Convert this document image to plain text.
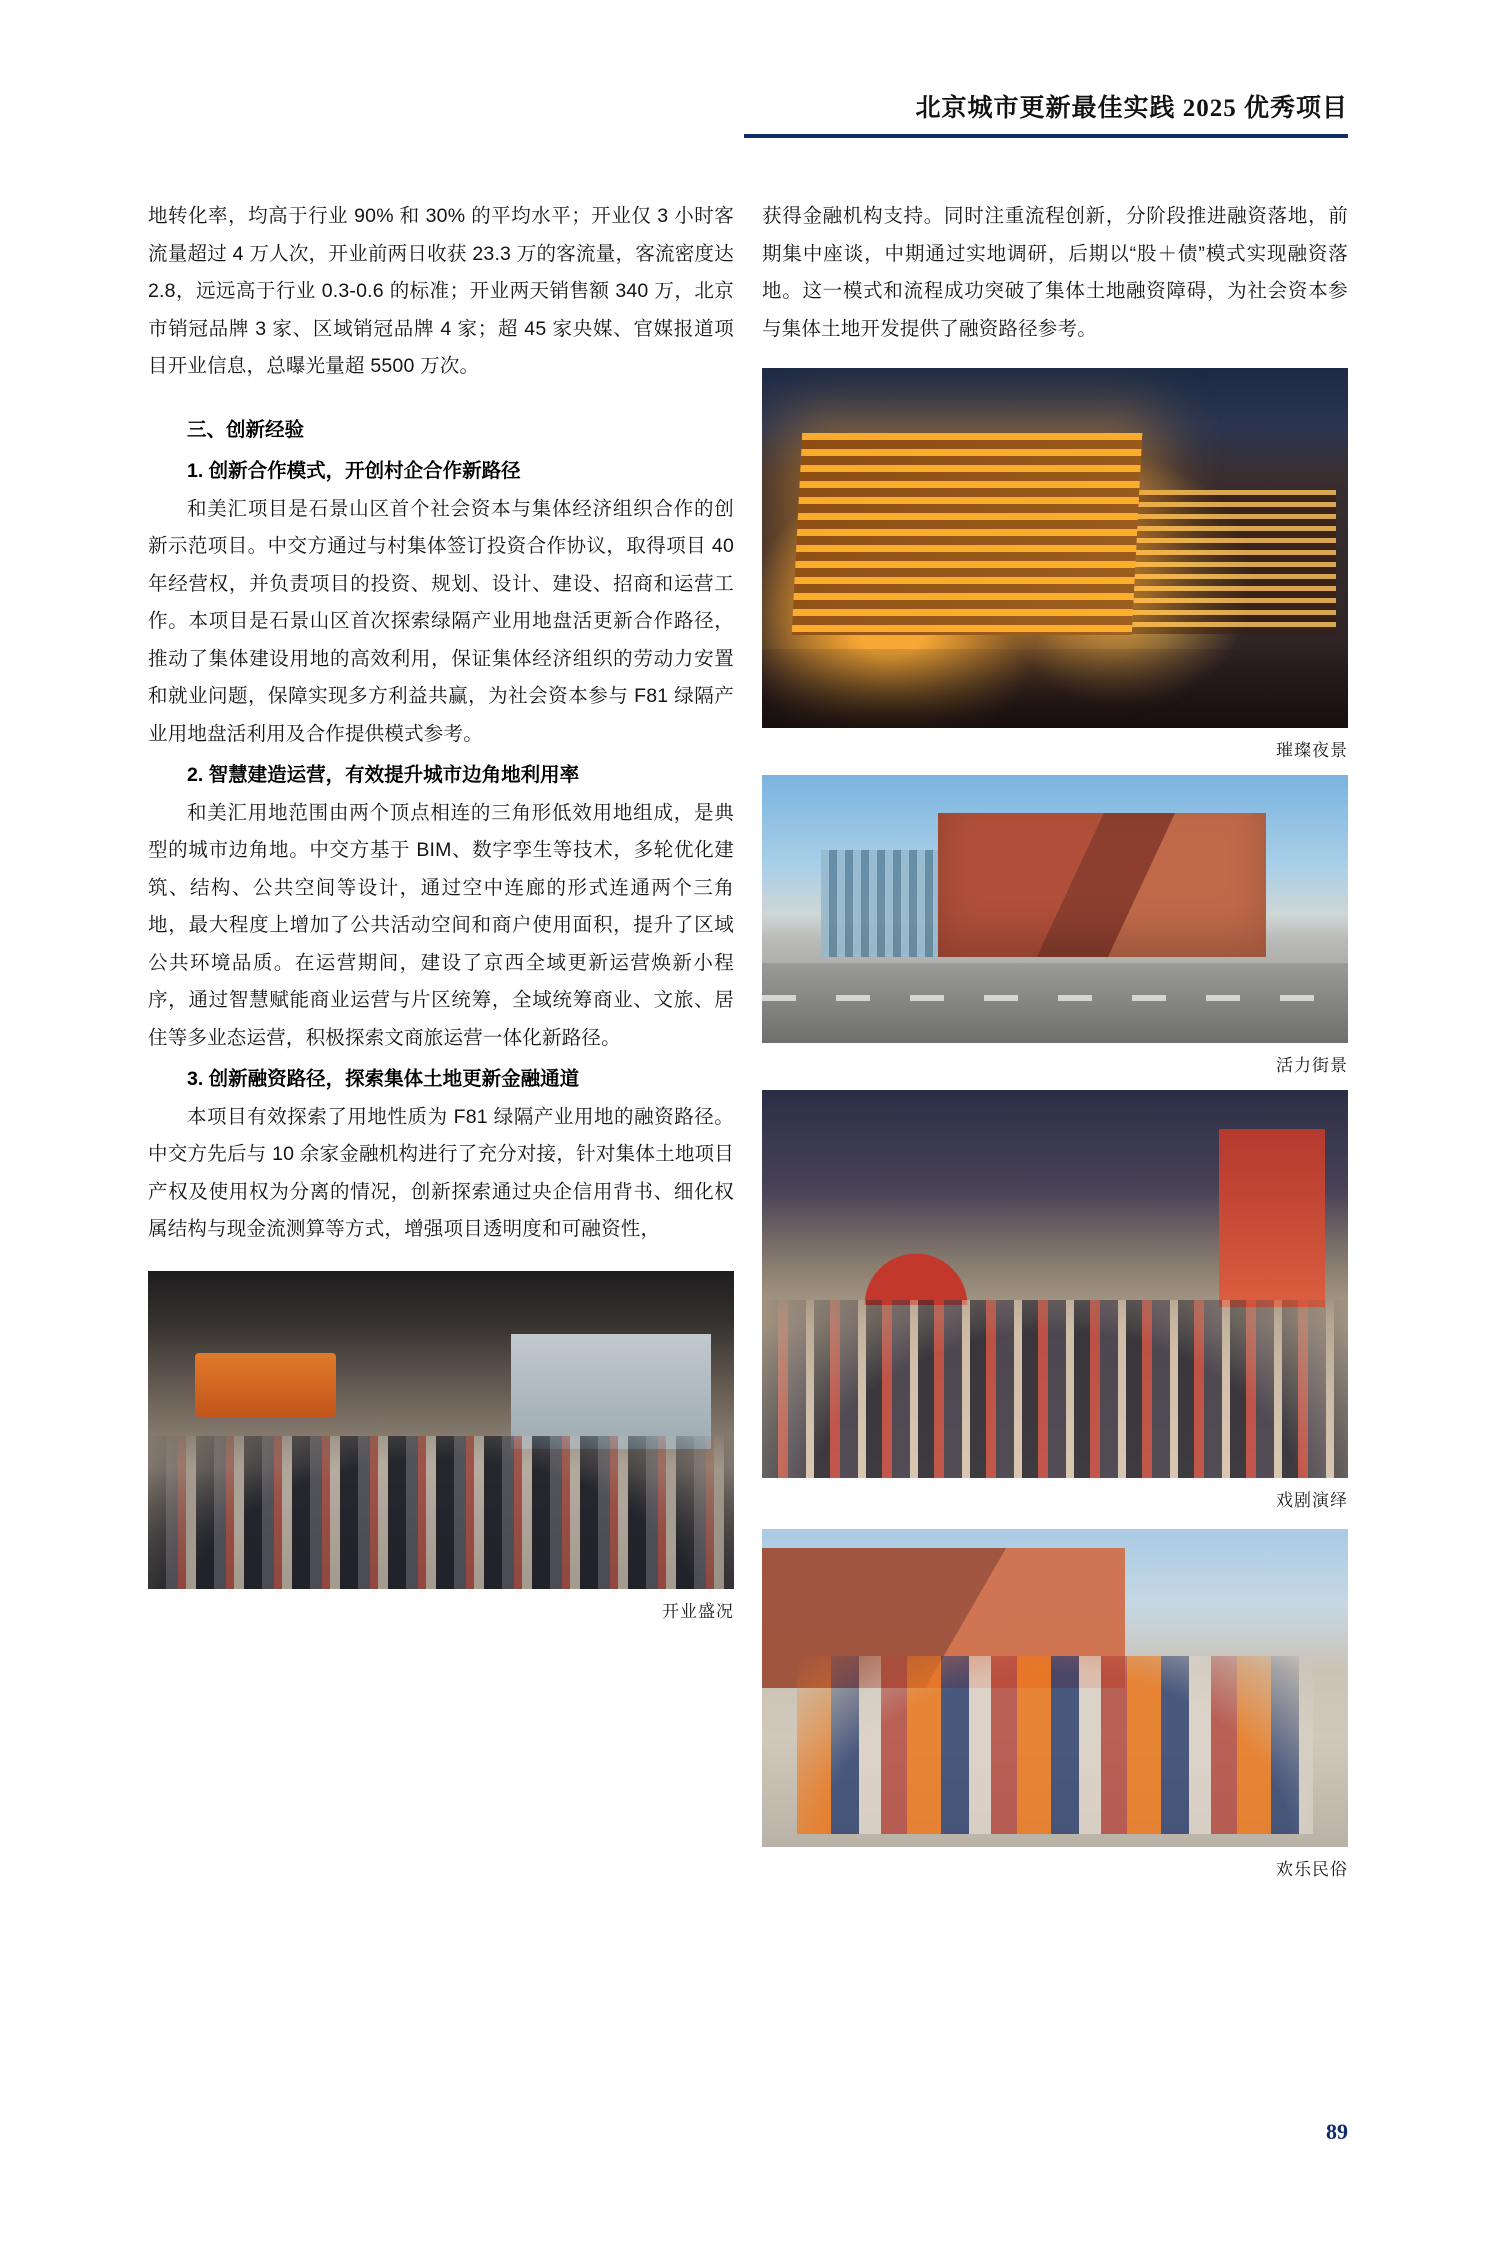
北京城市更新最佳实践 2025 优秀项目

地转化率，均高于行业 90% 和 30% 的平均水平；开业仅 3 小时客流量超过 4 万人次，开业前两日收获 23.3 万的客流量，客流密度达 2.8，远远高于行业 0.3-0.6 的标准；开业两天销售额 340 万，北京市销冠品牌 3 家、区域销冠品牌 4 家；超 45 家央媒、官媒报道项目开业信息，总曝光量超 5500 万次。

三、创新经验
1. 创新合作模式，开创村企合作新路径

和美汇项目是石景山区首个社会资本与集体经济组织合作的创新示范项目。中交方通过与村集体签订投资合作协议，取得项目 40 年经营权，并负责项目的投资、规划、设计、建设、招商和运营工作。本项目是石景山区首次探索绿隔产业用地盘活更新合作路径，推动了集体建设用地的高效利用，保证集体经济组织的劳动力安置和就业问题，保障实现多方利益共赢，为社会资本参与 F81 绿隔产业用地盘活利用及合作提供模式参考。

2. 智慧建造运营，有效提升城市边角地利用率

和美汇用地范围由两个顶点相连的三角形低效用地组成，是典型的城市边角地。中交方基于 BIM、数字孪生等技术，多轮优化建筑、结构、公共空间等设计，通过空中连廊的形式连通两个三角地，最大程度上增加了公共活动空间和商户使用面积，提升了区域公共环境品质。在运营期间，建设了京西全域更新运营焕新小程序，通过智慧赋能商业运营与片区统筹，全域统筹商业、文旅、居住等多业态运营，积极探索文商旅运营一体化新路径。

3. 创新融资路径，探索集体土地更新金融通道

本项目有效探索了用地性质为 F81 绿隔产业用地的融资路径。中交方先后与 10 余家金融机构进行了充分对接，针对集体土地项目产权及使用权为分离的情况，创新探索通过央企信用背书、细化权属结构与现金流测算等方式，增强项目透明度和可融资性，

开业盛况

获得金融机构支持。同时注重流程创新，分阶段推进融资落地，前期集中座谈，中期通过实地调研，后期以“股＋债”模式实现融资落地。这一模式和流程成功突破了集体土地融资障碍，为社会资本参与集体土地开发提供了融资路径参考。

璀璨夜景
活力街景
戏剧演绎
欢乐民俗
89
